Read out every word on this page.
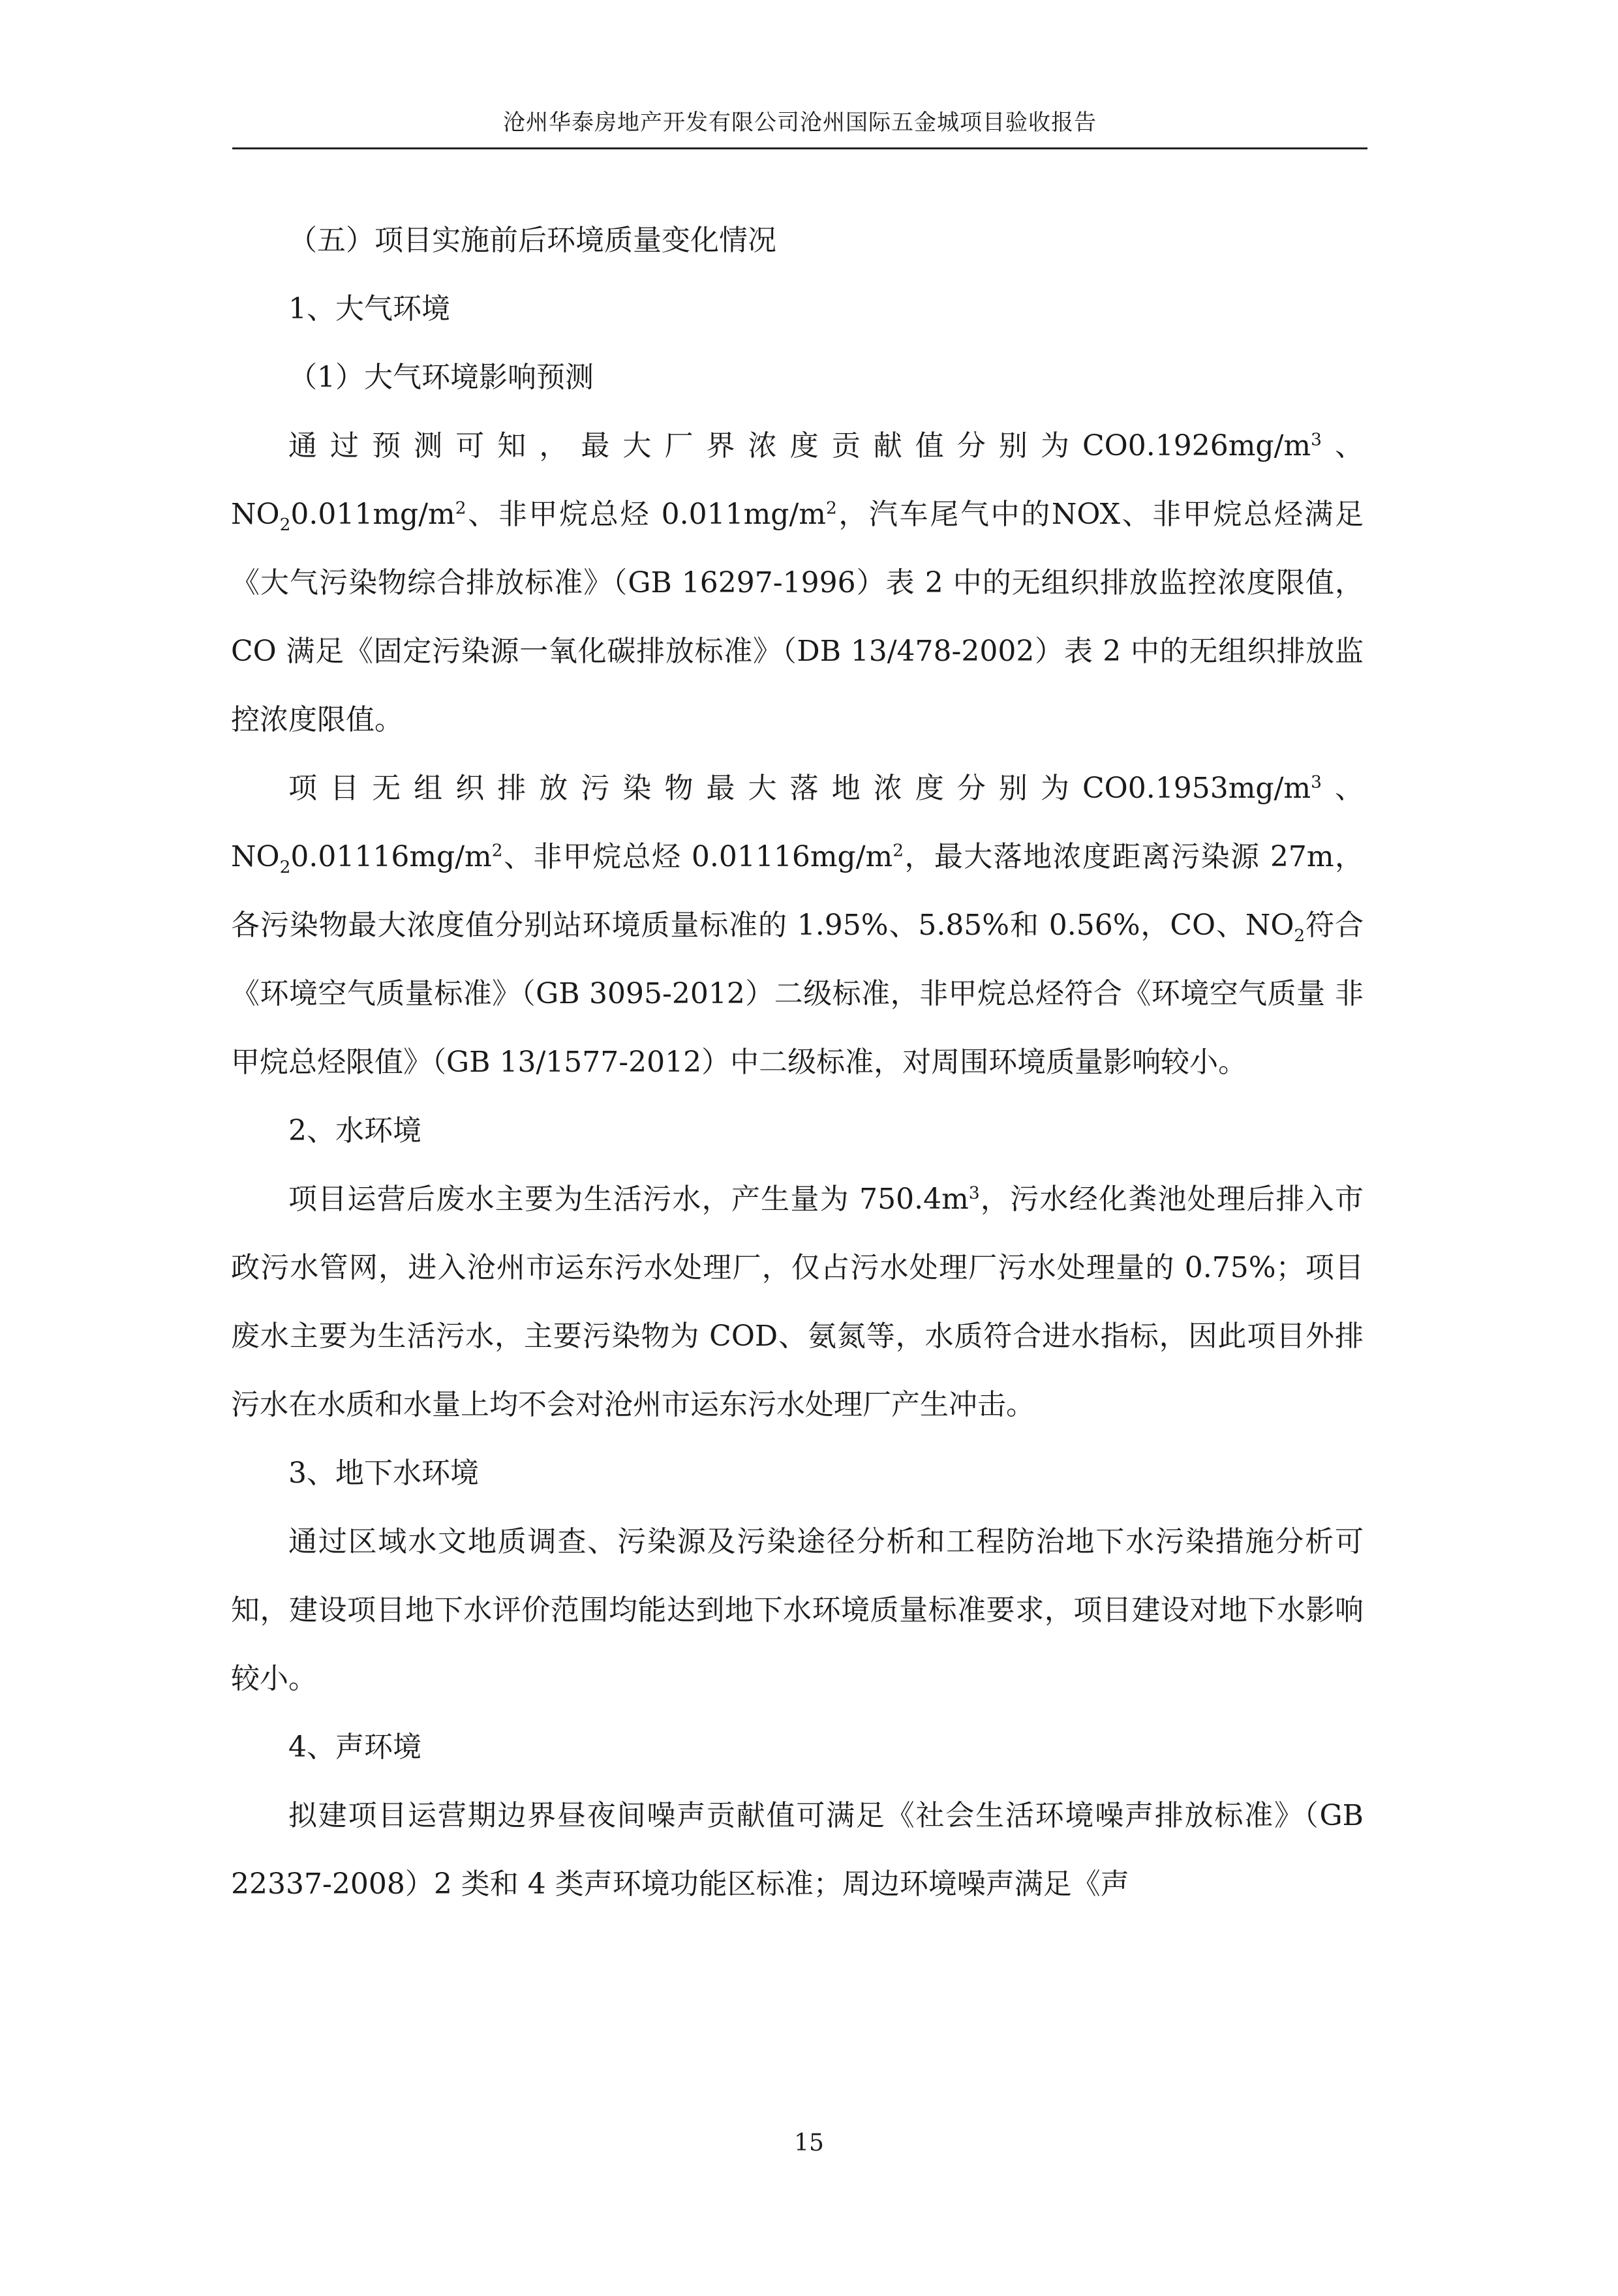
沧州华泰房地产开发有限公司沧州国际五金城项目验收报告

（五）项目实施前后环境质量变化情况

1、大气环境

（1）大气环境影响预测

通过预测可知，最大厂界浓度贡献值分别为$CO0.1926mg/m^3$、$NO_20.011mg/m^2$、非甲烷总烃 $0.011mg/m^2$，汽车尾气中的NOX、非甲烷总烃满足《大气污染物综合排放标准》（GB 16297-1996）表 2 中的无组织排放监控浓度限值，CO 满足《固定污染源一氧化碳排放标准》（DB 13/478-2002）表 2 中的无组织排放监控浓度限值。

项目无组织排放污染物最大落地浓度分别为$CO0.1953mg/m^3$、$NO_20.01116mg/m^2$、非甲烷总烃 $0.01116mg/m^2$，最大落地浓度距离污染源 27m，各污染物最大浓度值分别站环境质量标准的 1.95%、5.85%和 0.56%，CO、$NO_2$符合《环境空气质量标准》（GB 3095-2012）二级标准，非甲烷总烃符合《环境空气质量 非甲烷总烃限值》（GB 13/1577-2012）中二级标准，对周围环境质量影响较小。

2、水环境

项目运营后废水主要为生活污水，产生量为 $750.4m^3$，污水经化粪池处理后排入市政污水管网，进入沧州市运东污水处理厂，仅占污水处理厂污水处理量的 0.75%；项目废水主要为生活污水，主要污染物为 COD、氨氮等，水质符合进水指标，因此项目外排污水在水质和水量上均不会对沧州市运东污水处理厂产生冲击。

3、地下水环境

通过区域水文地质调查、污染源及污染途径分析和工程防治地下水污染措施分析可知，建设项目地下水评价范围均能达到地下水环境质量标准要求，项目建设对地下水影响较小。

4、声环境

拟建项目运营期边界昼夜间噪声贡献值可满足《社会生活环境噪声排放标准》（GB 22337-2008）2 类和 4 类声环境功能区标准；周边环境噪声满足《声

15
